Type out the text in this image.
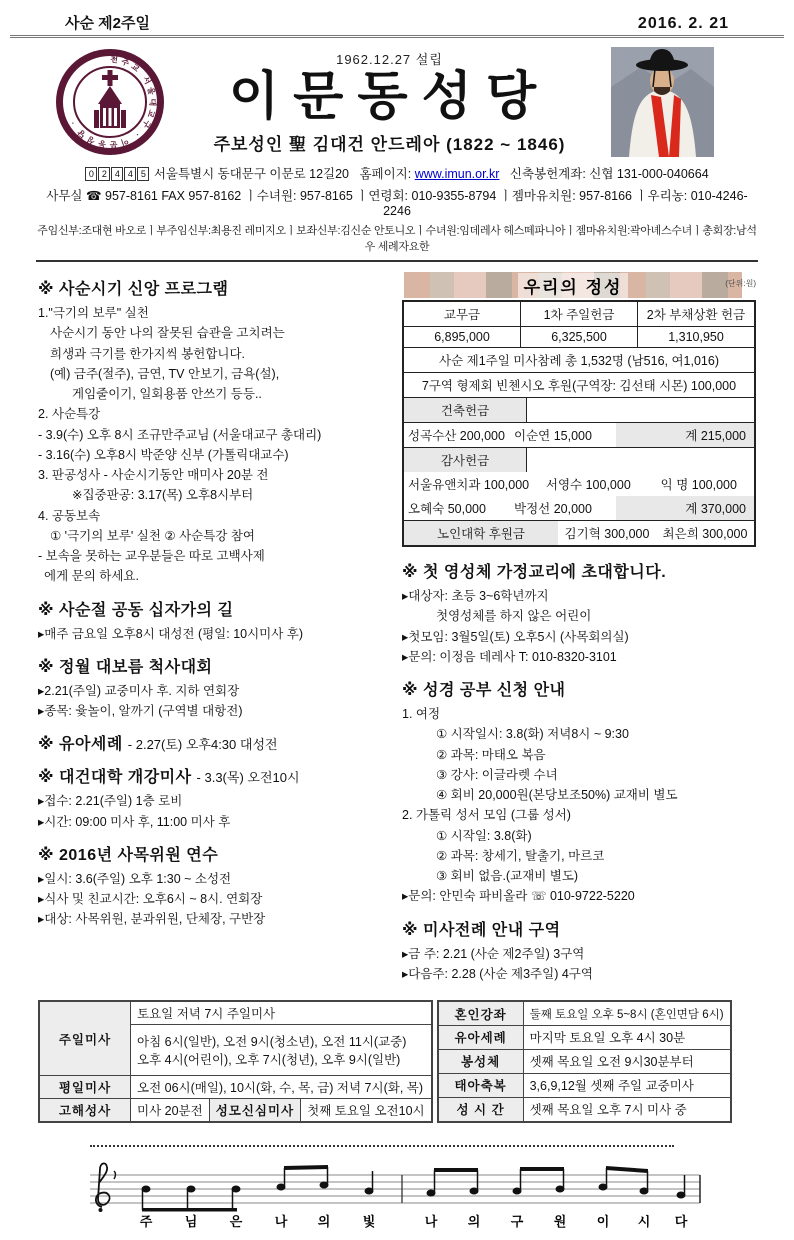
사순 제2주일	2016. 2. 21
천주교 서울대교구 · 이문동성당 ·
1962.12.27 설립
이문동성당
주보성인 聖 김대건 안드레아 (1822 ~ 1846)
0 2 4 4 5 서울특별시 동대문구 이문로 12길20 홈페이지: www.imun.or.kr 신축봉헌계좌: 신협 131-000-040664
사무실 ☎ 957-8161 FAX 957-8162 ㅣ수녀원: 957-8165 ㅣ연령회: 010-9355-8794 ㅣ젬마유치원: 957-8166 ㅣ우리농: 010-4246-2246
주임신부:조대현 바오로ㅣ부주임신부:최용진 레미지오ㅣ보좌신부:김신순 안토니오ㅣ수녀원:임데레사 헤스떼파니아ㅣ젬마유치원:곽아녜스수녀ㅣ총회장:남석우 세례자요한
※ 사순시기 신앙 프로그램
1."극기의 보루" 실천
사순시기 동안 나의 잘못된 습관을 고치려는
희생과 극기를 한가지씩 봉헌합니다.
(예) 금주(절주), 금연, TV 안보기, 금욕(설),
게임줄이기, 일회용품 안쓰기 등등..
2. 사순특강
- 3.9(수) 오후 8시 조규만주교님 (서울대교구 총대리)
- 3.16(수) 오후8시 박준양 신부 (가톨릭대교수)
3. 판공성사 - 사순시기동안 매미사 20분 전
※집중판공: 3.17(목) 오후8시부터
4. 공동보속
① '극기의 보루' 실천 ② 사순특강 참여
- 보속을 못하는 교우분들은 따로 고백사제
에게 문의 하세요.
※ 사순절 공동 십자가의 길
▸매주 금요일 오후8시 대성전 (평일: 10시미사 후)
※ 정월 대보름 척사대회
▸2.21(주일) 교중미사 후. 지하 연회장
▸종목: 윷놀이, 알까기 (구역별 대항전)
※ 유아세례 - 2.27(토) 오후4:30 대성전
※ 대건대학 개강미사 - 3.3(목) 오전10시
▸접수: 2.21(주일) 1층 로비
▸시간: 09:00 미사 후, 11:00 미사 후
※ 2016년 사목위원 연수
▸일시: 3.6(주일) 오후 1:30 ~ 소성전
▸식사 및 친교시간: 오후6시 ~ 8시. 연회장
▸대상: 사목위원, 분과위원, 단체장, 구반장
우리의 정성	(단위:원)
교무금	1차 주일헌금	2차 부채상환 헌금
6,895,000	6,325,500	1,310,950
사순 제1주일 미사참례 총 1,532명 (남516, 여1,016)
7구역 형제회 빈첸시오 후원(구역장: 김선태 시몬) 100,000
건축헌금
성곡수산 200,000 이순연 15,000	계 215,000
감사헌금
서울유앤치과 100,000	서영수 100,000	익 명 100,000
오혜숙 50,000	박정선 20,000	계 370,000
노인대학 후원금	김기혁 300,000	최은희 300,000
※ 첫 영성체 가정교리에 초대합니다.
▸대상자: 초등 3~6학년까지
첫영성체를 하지 않은 어린이
▸첫모임: 3월5일(토) 오후5시 (사목회의실)
▸문의: 이정음 데레사 T: 010-8320-3101
※ 성경 공부 신청 안내
1. 여정
① 시작일시: 3.8(화) 저녁8시 ~ 9:30
② 과목: 마태오 복음
③ 강사: 이글라렛 수녀
④ 회비 20,000원(본당보조50%) 교재비 별도
2. 가톨릭 성서 모임 (그룹 성서)
① 시작일: 3.8(화)
② 과목: 창세기, 탈출기, 마르코
③ 회비 없음.(교재비 별도)
▸문의: 안민숙 파비올라 ☏ 010-9722-5220
※ 미사전례 안내 구역
▸금 주: 2.21 (사순 제2주일) 3구역
▸다음주: 2.28 (사순 제3주일) 4구역
주일미사	토요일 저녁 7시 주일미사		

	아침 6시(일반), 오전 9시(청소년), 오전 11시(교중)
오후 4시(어린이), 오후 7시(청년), 오후 9시(일반)		

평일미사	오전 06시(매일), 10시(화, 수, 목, 금) 저녁 7시(화, 목)		
고해성사	미사 20분전	성모신심미사	첫째 토요일 오전10시
혼인강좌	둘째 토요일 오후 5~8시 (혼인면담 6시)
유아세례	마지막 토요일 오후 4시 30분
봉성체	셋째 목요일 오전 9시30분부터
태아축복	3,6,9,12월 셋째 주일 교중미사
성 시 간	셋째 목요일 오후 7시 미사 중
주 님 은 나 의 빛	나 의 구 원 이 시 다
